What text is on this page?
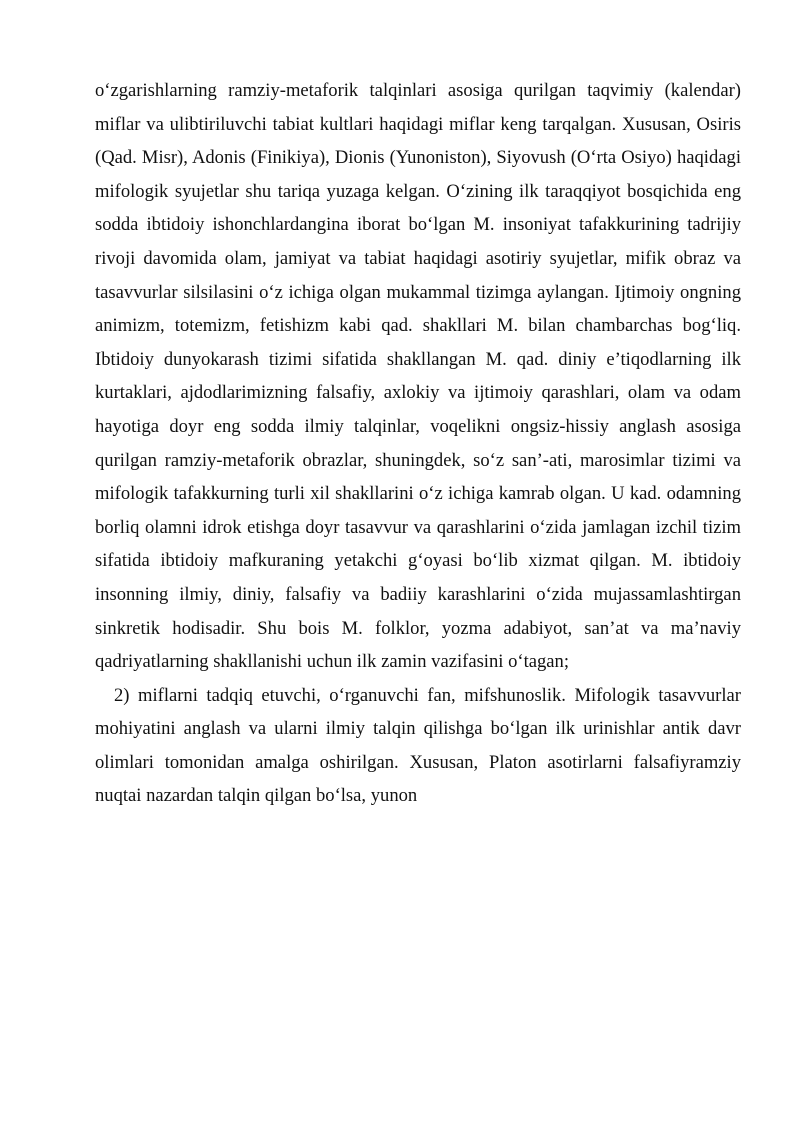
o‘zgarishlarning ramziy-metaforik talqinlari asosiga qurilgan taqvimiy (kalendar) miflar va ulibtiriluvchi tabiat kultlari haqidagi miflar keng tarqalgan. Xususan, Osiris (Qad. Misr), Adonis (Finikiya), Dionis (Yunoniston), Siyovush (O‘rta Osiyo) haqidagi mifologik syujetlar shu tariqa yuzaga kelgan. O‘zining ilk taraqqiyot bosqichida eng sodda ibtidoiy ishonchlardangina iborat bo‘lgan M. insoniyat tafakkurining tadrijiy rivoji davomida olam, jamiyat va tabiat haqidagi asotiriy syujetlar, mifik obraz va tasavvurlar silsilasini o‘z ichiga olgan mukammal tizimga aylangan. Ijtimoiy ongning animizm, totemizm, fetishizm kabi qad. shakllari M. bilan chambarchas bog‘liq. Ibtidoiy dunyokarash tizimi sifatida shakllangan M. qad. diniy e’tiqodlarning ilk kurtaklari, ajdodlarimizning falsafiy, axlokiy va ijtimoiy qarashlari, olam va odam hayotiga doyr eng sodda ilmiy talqinlar, voqelikni ongsiz-hissiy anglash asosiga qurilgan ramziy-metaforik obrazlar, shuningdek, so‘z san’-ati, marosimlar tizimi va mifologik tafakkurning turli xil shakllarini o‘z ichiga kamrab olgan. U kad. odamning borliq olamni idrok etishga doyr tasavvur va qarashlarini o‘zida jamlagan izchil tizim sifatida ibtidoiy mafkuraning yetakchi g‘oyasi bo‘lib xizmat qilgan. M. ibtidoiy insonning ilmiy, diniy, falsafiy va badiiy karashlarini o‘zida mujassamlashtirgan sinkretik hodisadir. Shu bois M. folklor, yozma adabiyot, san’at va ma’naviy qadriyatlarning shakllanishi uchun ilk zamin vazifasini o‘tagan;

2) miflarni tadqiq etuvchi, o‘rganuvchi fan, mifshunoslik. Mifologik tasavvurlar mohiyatini anglash va ularni ilmiy talqin qilishga bo‘lgan ilk urinishlar antik davr olimlari tomonidan amalga oshirilgan. Xususan, Platon asotirlarni falsafiyramziy nuqtai nazardan talqin qilgan bo‘lsa, yunon
